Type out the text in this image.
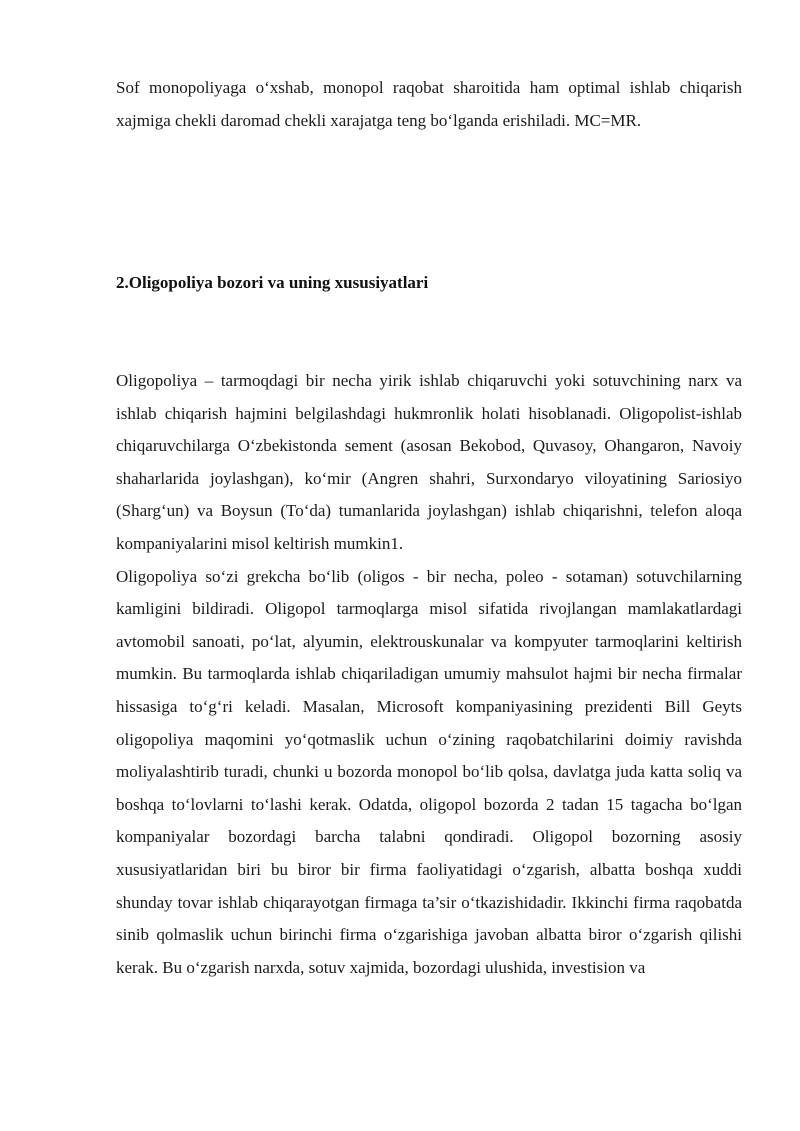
Sof monopoliyaga o‘xshab, monopol raqobat sharoitida ham optimal ishlab chiqarish xajmiga chekli daromad chekli xarajatga teng bo‘lganda erishiladi. MC=MR.

2.Oligopoliya bozori va uning xususiyatlari

Oligopoliya – tarmoqdagi bir necha yirik ishlab chiqaruvchi yoki sotuvchining narx va ishlab chiqarish hajmini belgilashdagi hukmronlik holati hisoblanadi. Oligopolist-ishlab chiqaruvchilarga O‘zbekistonda sement (asosan Bekobod, Quvasoy, Ohangaron, Navoiy shaharlarida joylashgan), ko‘mir (Angren shahri, Surxondaryo viloyatining Sariosiyo (Sharg‘un) va Boysun (To‘da) tumanlarida joylashgan) ishlab chiqarishni, telefon aloqa kompaniyalarini misol keltirish mumkin1.

Oligopoliya so‘zi grekcha bo‘lib (oligos - bir necha, poleo - sotaman) sotuvchilarning kamligini bildiradi. Oligopol tarmoqlarga misol sifatida rivojlangan mamlakatlardagi avtomobil sanoati, po‘lat, alyumin, elektrouskunalar va kompyuter tarmoqlarini keltirish mumkin. Bu tarmoqlarda ishlab chiqariladigan umumiy mahsulot hajmi bir necha firmalar hissasiga to‘g‘ri keladi. Masalan, Microsoft kompaniyasining prezidenti Bill Geyts oligopoliya maqomini yo‘qotmaslik uchun o‘zining raqobatchilarini doimiy ravishda moliyalashtirib turadi, chunki u bozorda monopol bo‘lib qolsa, davlatga juda katta soliq va boshqa to‘lovlarni to‘lashi kerak. Odatda, oligopol bozorda 2 tadan 15 tagacha bo‘lgan kompaniyalar bozordagi barcha talabni qondiradi. Oligopol bozorning asosiy xususiyatlaridan biri bu biror bir firma faoliyatidagi o‘zgarish, albatta boshqa xuddi shunday tovar ishlab chiqarayotgan firmaga ta’sir o‘tkazishidadir. Ikkinchi firma raqobatda sinib qolmaslik uchun birinchi firma o‘zgarishiga javoban albatta biror o‘zgarish qilishi kerak. Bu o‘zgarish narxda, sotuv xajmida, bozordagi ulushida, investision va
